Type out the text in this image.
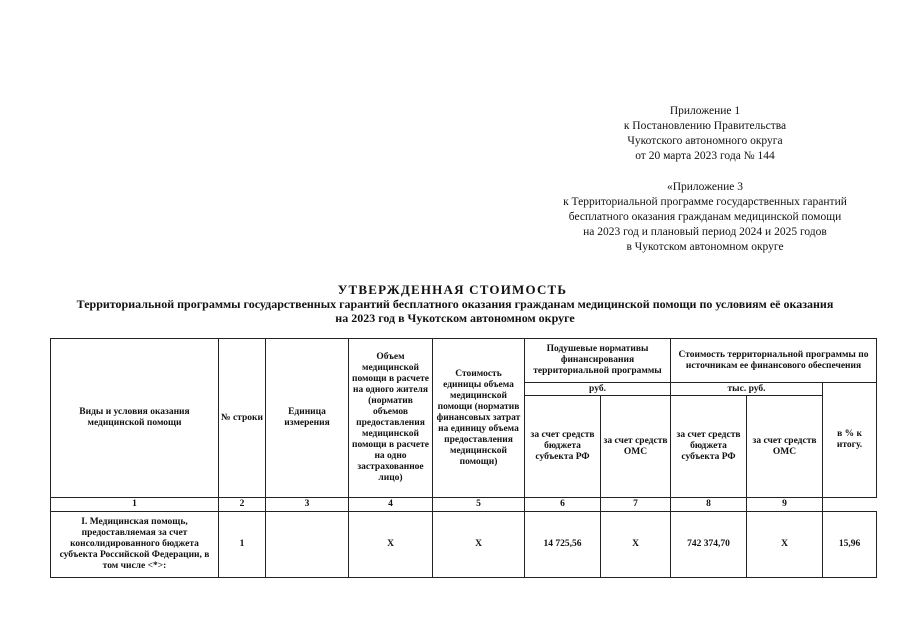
Приложение 1
к Постановлению Правительства
Чукотского автономного округа
от 20 марта 2023 года № 144
«Приложение 3
к Территориальной программе государственных гарантий
бесплатного оказания гражданам медицинской помощи
на 2023 год и плановый период 2024 и 2025 годов
в Чукотском автономном округе
УТВЕРЖДЕННАЯ СТОИМОСТЬ
Территориальной программы государственных гарантий бесплатного оказания гражданам медицинской помощи по условиям её оказания
на 2023 год в Чукотском автономном округе
Виды и условия оказания медицинской помощи	№ строки	Единица измерения	Объем медицинской помощи в расчете на одного жителя (норматив объемов предоставления медицинской помощи в расчете на одно застрахованное лицо)	Стоимость единицы объема медицинской помощи (норматив финансовых затрат на единицу объема предоставления медицинской помощи)	Подушевые нормативы финансирования территориальной программы		Стоимость территориальной программы по источникам ее финансового обеспечения		
					руб.		тыс. руб.		в % к итогу.
					за счет средств бюджета субъекта РФ	за счет средств ОМС	за счет средств бюджета субъекта РФ	за счет средств ОМС	
1	2	3	4	5	6	7	8	9	
I. Медицинская помощь, предоставляемая за счет консолидированного бюджета субъекта Российской Федерации, в том числе <*>:	1		X	X	14 725,56	X	742 374,70	X	15,96
